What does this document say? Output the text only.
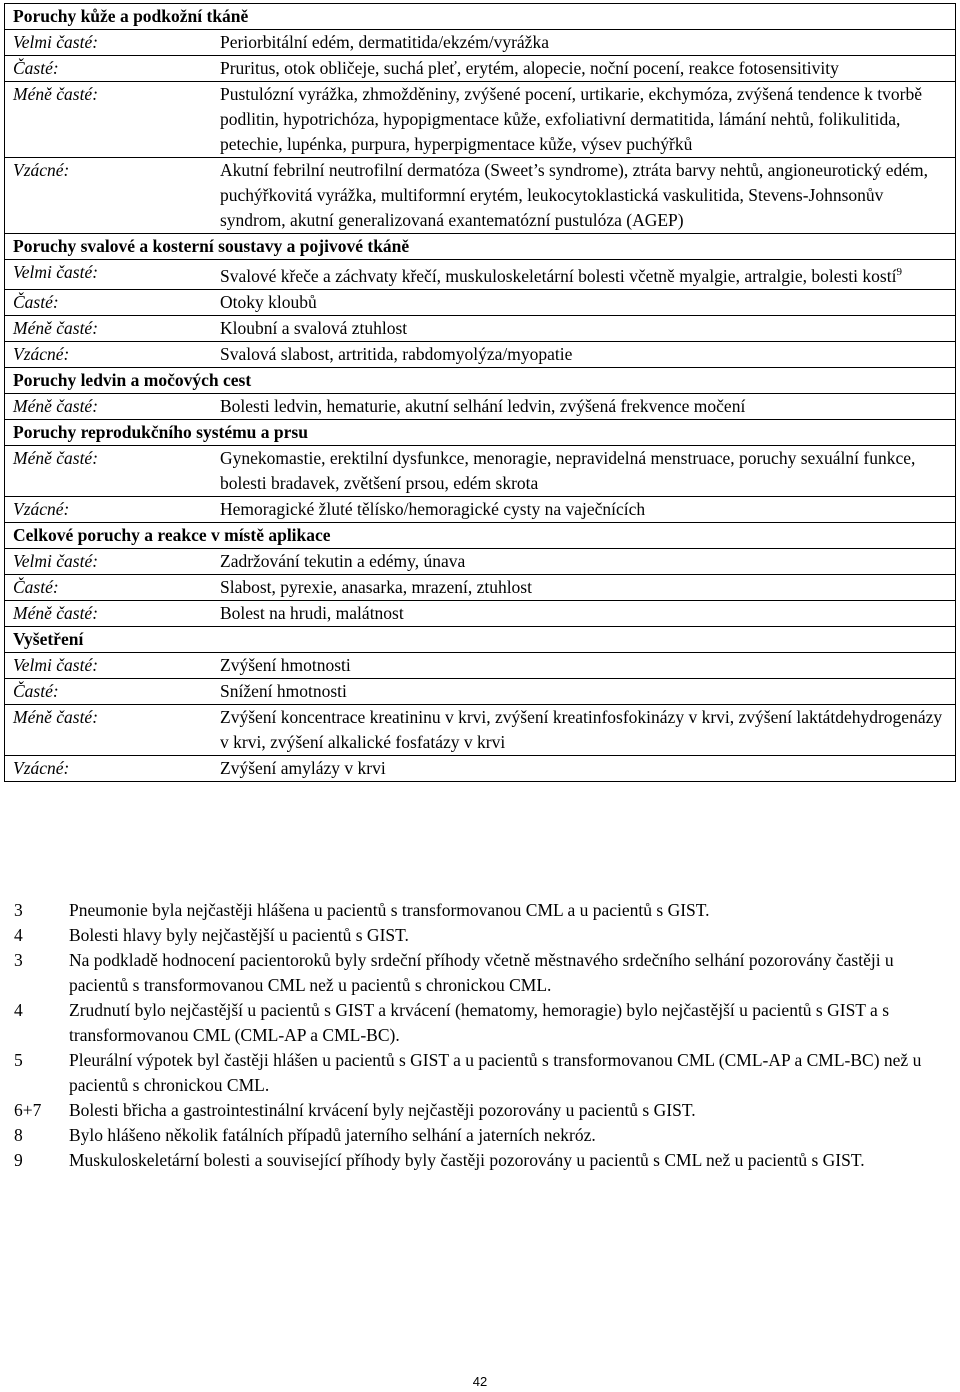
Poruchy kůže a podkožní tkáně
Velmi časté:	Periorbitální edém, dermatitida/ekzém/vyrážka
Časté:	Pruritus, otok obličeje, suchá pleť, erytém, alopecie, noční pocení, reakce fotosensitivity
Méně časté:	Pustulózní vyrážka, zhmožděniny, zvýšené pocení, urtikarie, ekchymóza, zvýšená tendence k tvorbě podlitin, hypotrichóza, hypopigmentace kůže, exfoliativní dermatitida, lámání nehtů, folikulitida, petechie, lupénka, purpura, hyperpigmentace kůže, výsev puchýřků
Vzácné:	Akutní febrilní neutrofilní dermatóza (Sweet’s syndrome), ztráta barvy nehtů, angioneurotický edém, puchýřkovitá vyrážka, multiformní erytém, leukocytoklastická vaskulitida, Stevens-Johnsonův syndrom, akutní generalizovaná exantematózní pustulóza (AGEP)
Poruchy svalové a kosterní soustavy a pojivové tkáně
Velmi časté:	Svalové křeče a záchvaty křečí, muskuloskeletární bolesti včetně myalgie, artralgie, bolesti kostí$^9$
Časté:	Otoky kloubů
Méně časté:	Kloubní a svalová ztuhlost
Vzácné:	Svalová slabost, artritida, rabdomyolýza/myopatie
Poruchy ledvin a močových cest
Méně časté:	Bolesti ledvin, hematurie, akutní selhání ledvin, zvýšená frekvence močení
Poruchy reprodukčního systému a prsu
Méně časté:	Gynekomastie, erektilní dysfunkce, menoragie, nepravidelná menstruace, poruchy sexuální funkce, bolesti bradavek, zvětšení prsou, edém skrota
Vzácné:	Hemoragické žluté tělísko/hemoragické cysty na vaječnících
Celkové poruchy a reakce v místě aplikace
Velmi časté:	Zadržování tekutin a edémy, únava
Časté:	Slabost, pyrexie, anasarka, mrazení, ztuhlost
Méně časté:	Bolest na hrudi, malátnost
Vyšetření
Velmi časté:	Zvýšení hmotnosti
Časté:	Snížení hmotnosti
Méně časté:	Zvýšení koncentrace kreatininu v krvi, zvýšení kreatinfosfokinázy v krvi, zvýšení laktátdehydrogenázy v krvi, zvýšení alkalické fosfatázy v krvi
Vzácné:	Zvýšení amylázy v krvi
3	Pneumonie byla nejčastěji hlášena u pacientů s transformovanou CML a u pacientů s GIST.
4	Bolesti hlavy byly nejčastější u pacientů s GIST.
3	Na podkladě hodnocení pacientoroků byly srdeční příhody včetně městnavého srdečního selhání pozorovány častěji u pacientů s transformovanou CML než u pacientů s chronickou CML.
4	Zrudnutí bylo nejčastější u pacientů s GIST a krvácení (hematomy, hemoragie) bylo nejčastější u pacientů s GIST a s transformovanou CML (CML-AP a CML-BC).
5	Pleurální výpotek byl častěji hlášen u pacientů s GIST a u pacientů s transformovanou CML (CML-AP a CML-BC) než u pacientů s chronickou CML.
6+7	Bolesti břicha a gastrointestinální krvácení byly nejčastěji pozorovány u pacientů s GIST.
8	Bylo hlášeno několik fatálních případů jaterního selhání a jaterních nekróz.
9	Muskuloskeletární bolesti a související příhody byly častěji pozorovány u pacientů s CML než u pacientů s GIST.
42
